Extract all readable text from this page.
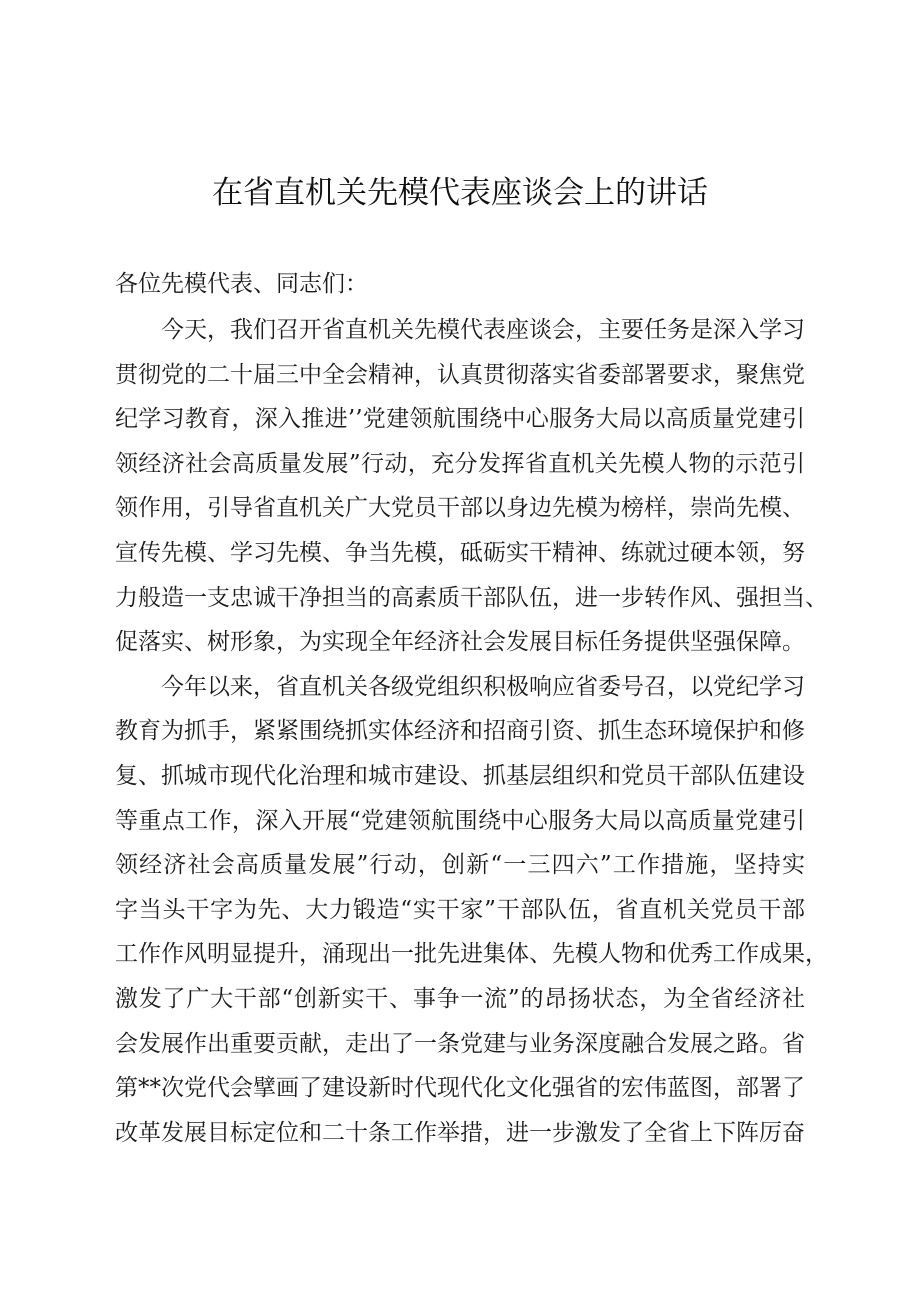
在省直机关先模代表座谈会上的讲话

各位先模代表、同志们：

今天，我们召开省直机关先模代表座谈会，主要任务是深入学习
贯彻党的二十届三中全会精神，认真贯彻落实省委部署要求，聚焦党
纪学习教育，深入推进’’党建领航围绕中心服务大局以高质量党建引
领经济社会高质量发展”行动，充分发挥省直机关先模人物的示范引
领作用，引导省直机关广大党员干部以身边先模为榜样，崇尚先模、
宣传先模、学习先模、争当先模，砥砺实干精神、练就过硬本领，努
力般造一支忠诚干净担当的高素质干部队伍，进一步转作风、强担当、
促落实、树形象，为实现全年经济社会发展目标任务提供坚强保障。
今年以来，省直机关各级党组织积极响应省委号召，以党纪学习
教育为抓手，紧紧围绕抓实体经济和招商引资、抓生态环境保护和修
复、抓城市现代化治理和城市建设、抓基层组织和党员干部队伍建设
等重点工作，深入开展“党建领航围绕中心服务大局以高质量党建引
领经济社会高质量发展”行动，创新“一三四六”工作措施，坚持实
字当头干字为先、大力锻造“实干家”干部队伍，省直机关党员干部
工作作风明显提升，涌现出一批先进集体、先模人物和优秀工作成果，
激发了广大干部“创新实干、事争一流”的昂扬状态，为全省经济社
会发展作出重要贡献，走出了一条党建与业务深度融合发展之路。省
第**次党代会擘画了建设新时代现代化文化强省的宏伟蓝图，部署了
改革发展目标定位和二十条工作举措，进一步激发了全省上下阵厉奋
